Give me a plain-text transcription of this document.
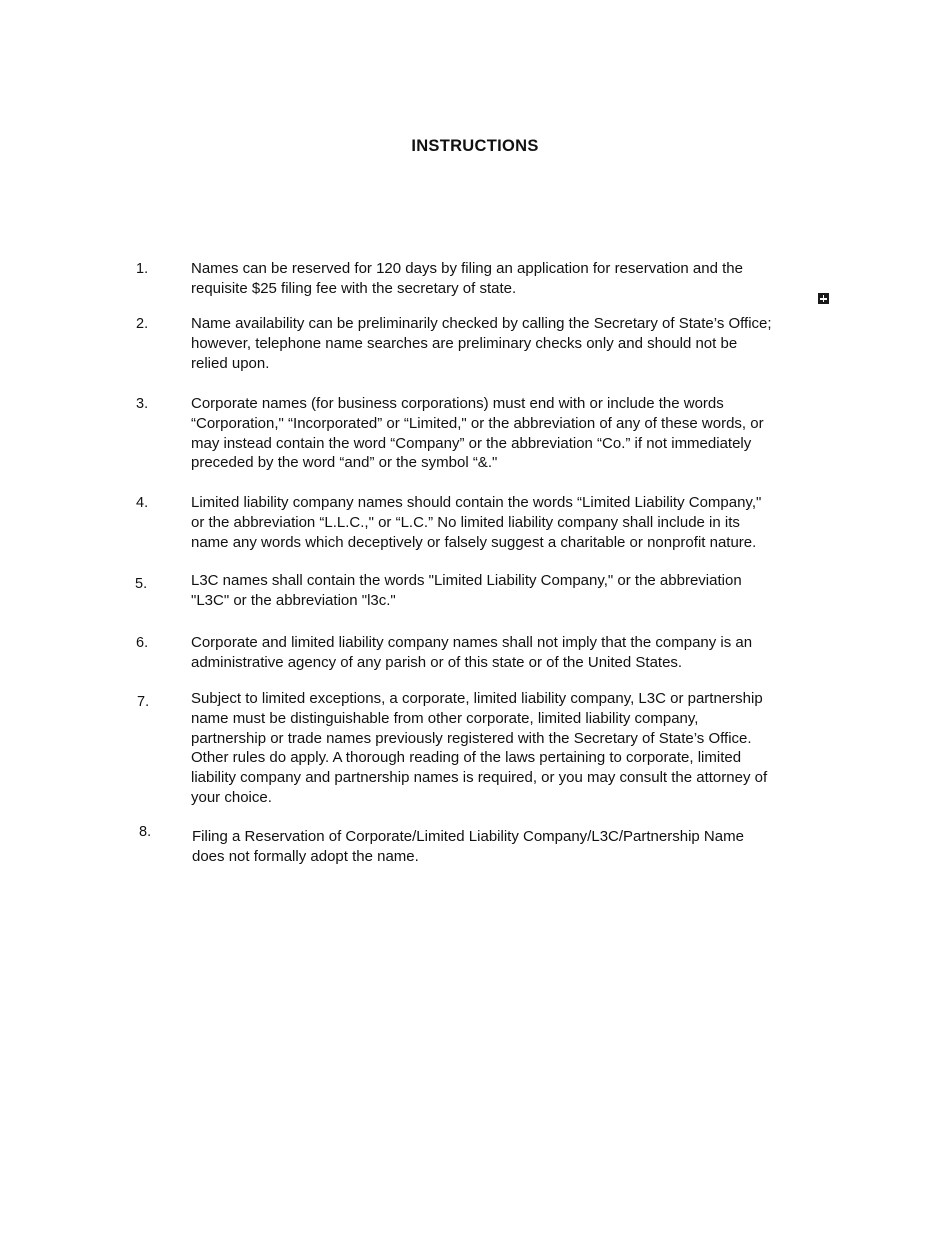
INSTRUCTIONS
1.	Names can be reserved for 120 days by filing an application for reservation and the
requisite $25 filing fee with the secretary of state.
2.	Name availability can be preliminarily checked by calling the Secretary of State’s Office;
however, telephone name searches are preliminary checks only and should not be
relied upon.
3.	Corporate names (for business corporations) must end with or include the words
“Corporation," “Incorporated” or “Limited," or the abbreviation of any of these words, or
may instead contain the word “Company” or the abbreviation “Co.” if not immediately
preceded by the word “and” or the symbol “&."
4.	Limited liability company names should contain the words “Limited Liability Company,"
or the abbreviation “L.L.C.," or “L.C.” No limited liability company shall include in its
name any words which deceptively or falsely suggest a charitable or nonprofit nature.
5.	L3C names shall contain the words "Limited Liability Company," or the abbreviation
"L3C" or the abbreviation "l3c."
6.	Corporate and limited liability company names shall not imply that the company is an
administrative agency of any parish or of this state or of the United States.
7.	Subject to limited exceptions, a corporate, limited liability company, L3C or partnership
name must be distinguishable from other corporate, limited liability company,
partnership or trade names previously registered with the Secretary of State’s Office.
Other rules do apply. A thorough reading of the laws pertaining to corporate, limited
liability company and partnership names is required, or you may consult the attorney of
your choice.
8.	Filing a Reservation of Corporate/Limited Liability Company/L3C/Partnership Name
does not formally adopt the name.
